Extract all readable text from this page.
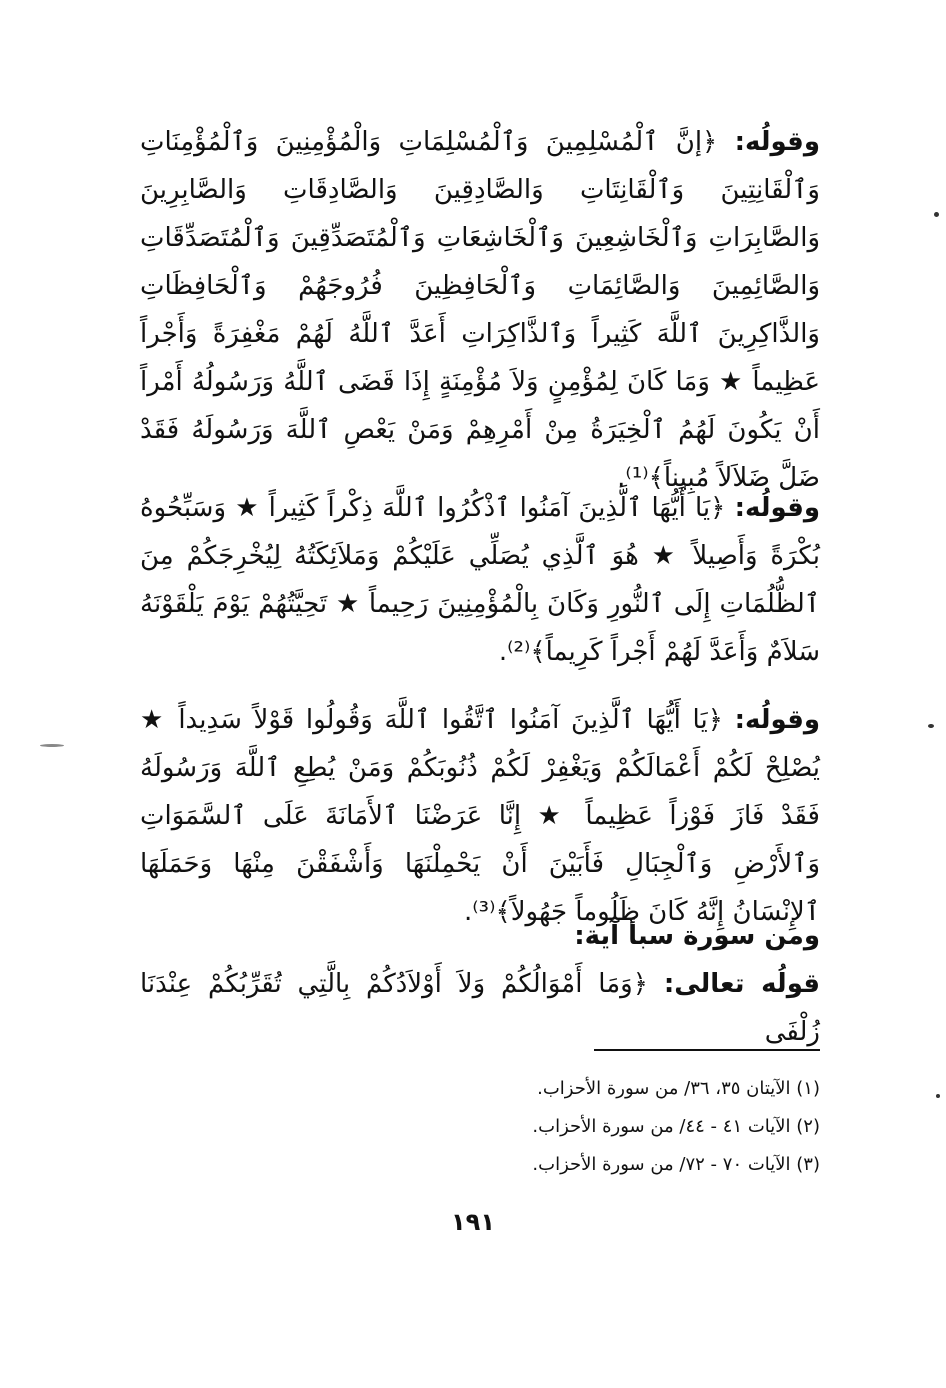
وقولُه: ﴿إنَّ ٱلْمُسْلِمِينَ وَٱلْمُسْلِمَاتِ وَالْمُؤْمِنِينَ وَٱلْمُؤْمِنَاتِ وَٱلْقَانِتِينَ وَٱلْقَانِتَاتِ وَالصَّادِقِينَ وَالصَّادِقَاتِ وَالصَّابِرِينَ وَالصَّابِرَاتِ وَٱلْخَاشِعِينَ وَٱلْخَاشِعَاتِ وَٱلْمُتَصَدِّقِينَ وَٱلْمُتَصَدِّقَاتِ وَالصَّائِمِينَ وَالصَّائِمَاتِ وَٱلْحَافِظِينَ فُرُوجَهُمْ وَٱلْحَافِظَاتِ وَالذَّاكِرِينَ ٱللَّهَ كَثِيراً وَٱلذَّاكِرَاتِ أَعَدَّ ٱللَّهُ لَهُمْ مَغْفِرَةً وَأَجْراً عَظِيماً ★ وَمَا كَانَ لِمُؤْمِنٍ وَلاَ مُؤْمِنَةٍ إِذَا قَضَى ٱللَّهُ وَرَسُولُهُ أَمْراً أَنْ يَكُونَ لَهُمُ ٱلْخِيَرَةُ مِنْ أَمْرِهِمْ وَمَنْ يَعْصِ ٱللَّهَ وَرَسُولَهُ فَقَدْ ضَلَّ ضَلاَلاً مُبِيناً﴾⁽¹⁾.

وقولُه: ﴿يَا أَيُّهَا ٱلَّذِينَ آمَنُوا ٱذْكُرُوا ٱللَّهَ ذِكْراً كَثِيراً ★ وَسَبِّحُوهُ بُكْرَةً وَأَصِيلاً ★ هُوَ ٱلَّذِي يُصَلِّي عَلَيْكُمْ وَمَلاَئِكَتُهُ لِيُخْرِجَكُمْ مِنَ ٱلظُّلُمَاتِ إِلَى ٱلنُّورِ وَكَانَ بِالْمُؤْمِنِينَ رَحِيماً ★ تَحِيَّتُهُمْ يَوْمَ يَلْقَوْنَهُ سَلاَمٌ وَأَعَدَّ لَهُمْ أَجْراً كَرِيماً﴾⁽²⁾.

وقولُه: ﴿يَا أَيُّهَا ٱلَّذِينَ آمَنُوا ٱتَّقُوا ٱللَّهَ وَقُولُوا قَوْلاً سَدِيداً ★ يُصْلِحْ لَكُمْ أَعْمَالَكُمْ وَيَغْفِرْ لَكُمْ ذُنُوبَكُمْ وَمَنْ يُطِعِ ٱللَّهَ وَرَسُولَهُ فَقَدْ فَازَ فَوْزاً عَظِيماً ★ إِنَّا عَرَضْنَا ٱلأَمَانَةَ عَلَى ٱلسَّمَوَاتِ وَٱلأَرْضِ وَٱلْجِبَالِ فَأَبَيْنَ أَنْ يَحْمِلْنَهَا وَأَشْفَقْنَ مِنْهَا وَحَمَلَهَا ٱلإِنْسَانُ إِنَّهُ كَانَ ظَلُوماً جَهُولاً﴾⁽³⁾.

ومن سورة سبأ آية:

قولُه تعالى: ﴿وَمَا أَمْوَالُكُمْ وَلاَ أَوْلاَدُكُمْ بِالَّتِي تُقَرِّبُكُمْ عِنْدَنَا زُلْفَى

(١) الآيتان ٣٥، ٣٦/ من سورة الأحزاب.
(٢) الآيات ٤١ - ٤٤/ من سورة الأحزاب.
(٣) الآيات ٧٠ - ٧٢/ من سورة الأحزاب.
١٩١
